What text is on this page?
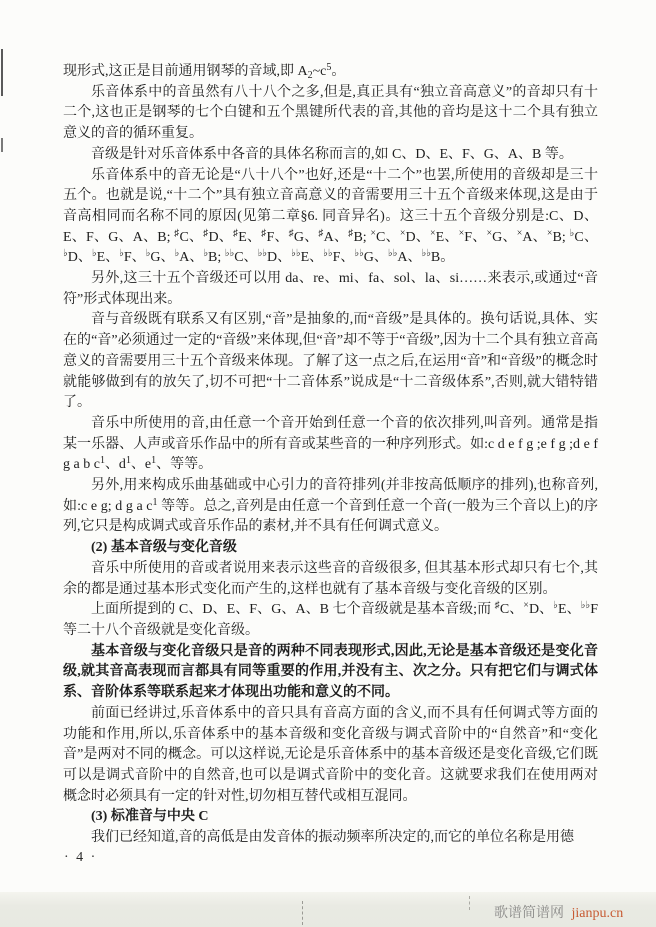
现形式,这正是目前通用钢琴的音域,即 $A_2\sim c^5$。

乐音体系中的音虽然有八十八个之多,但是,真正具有“独立音高意义”的音却只有十二个,这也正是钢琴的七个白键和五个黑键所代表的音,其他的音均是这十二个具有独立意义的音的循环重复。

音级是针对乐音体系中各音的具体名称而言的,如 C、D、E、F、G、A、B 等。

乐音体系中的音无论是“八十八个”也好,还是“十二个”也罢,所使用的音级却是三十五个。也就是说,“十二个”具有独立音高意义的音需要用三十五个音级来体现,这是由于音高相同而名称不同的原因(见第二章§6. 同音异名)。这三十五个音级分别是:C、D、E、F、G、A、B; ♯C、♯D、♯E、♯F、♯G、♯A、♯B; ×C、×D、×E、×F、×G、×A、×B; ♭C、♭D、♭E、♭F、♭G、♭A、♭B; ♭♭C、♭♭D、♭♭E、♭♭F、♭♭G、♭♭A、♭♭B。

另外,这三十五个音级还可以用 da、re、mi、fa、sol、la、si……来表示,或通过“音符”形式体现出来。

音与音级既有联系又有区别,“音”是抽象的,而“音级”是具体的。换句话说,具体、实在的“音”必须通过一定的“音级”来体现,但“音”却不等于“音级”,因为十二个具有独立音高意义的音需要用三十五个音级来体现。了解了这一点之后,在运用“音”和“音级”的概念时就能够做到有的放矢了,切不可把“十二音体系”说成是“十二音级体系”,否则,就大错特错了。

音乐中所使用的音,由任意一个音开始到任意一个音的依次排列,叫音列。通常是指某一乐器、人声或音乐作品中的所有音或某些音的一种序列形式。如:c d e f g ;e f g ;d e f g a b $c^1$、$d^1$、$e^1$、等等。

另外,用来构成乐曲基础或中心引力的音符排列(并非按高低顺序的排列),也称音列,如:c e g; d g a $c^1$ 等等。总之,音列是由任意一个音到任意一个音(一般为三个音以上)的序列,它只是构成调式或音乐作品的素材,并不具有任何调式意义。

(2) 基本音级与变化音级

音乐中所使用的音或者说用来表示这些音的音级很多, 但其基本形式却只有七个,其余的都是通过基本形式变化而产生的,这样也就有了基本音级与变化音级的区别。

上面所提到的 C、D、E、F、G、A、B 七个音级就是基本音级;而 ♯C、×D、♭E、♭♭F 等二十八个音级就是变化音级。

基本音级与变化音级只是音的两种不同表现形式,因此,无论是基本音级还是变化音级,就其音高表现而言都具有同等重要的作用,并没有主、次之分。只有把它们与调式体系、音阶体系等联系起来才体现出功能和意义的不同。

前面已经讲过,乐音体系中的音只具有音高方面的含义,而不具有任何调式等方面的功能和作用,所以,乐音体系中的基本音级和变化音级与调式音阶中的“自然音”和“变化音”是两对不同的概念。可以这样说,无论是乐音体系中的基本音级还是变化音级,它们既可以是调式音阶中的自然音,也可以是调式音阶中的变化音。这就要求我们在使用两对概念时必须具有一定的针对性,切勿相互替代或相互混同。

(3) 标准音与中央 C

我们已经知道,音的高低是由发音体的振动频率所决定的,而它的单位名称是用德

· 4 ·
歌谱简谱网 jianpu.cn
